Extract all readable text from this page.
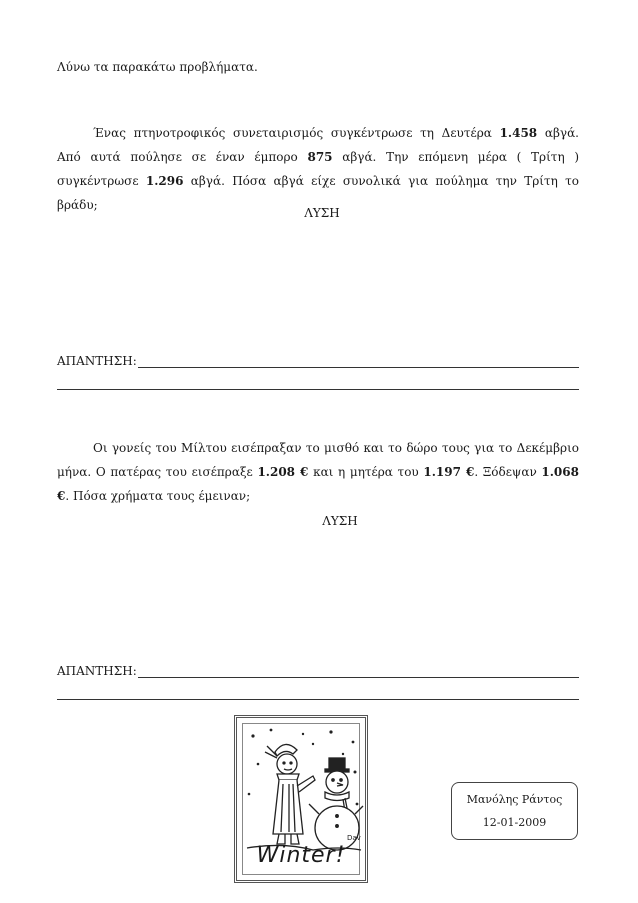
Λύνω τα παρακάτω προβλήματα.
Ένας πτηνοτροφικός συνεταιρισμός συγκέντρωσε τη Δευτέρα 1.458 αβγά. Από αυτά πούλησε σε έναν έμπορο 875 αβγά. Την επόμενη μέρα ( Τρίτη ) συγκέντρωσε 1.296 αβγά. Πόσα αβγά είχε συνολικά για πούλημα την Τρίτη το βράδυ;
ΛΥΣΗ
ΑΠΑΝΤΗΣΗ:
Οι γονείς του Μίλτου εισέπραξαν το μισθό και το δώρο τους για το Δεκέμβριο μήνα. Ο πατέρας του εισέπραξε 1.208 € και η μητέρα του 1.197 €. Ξόδεψαν 1.068 €. Πόσα χρήματα τους έμειναν;
ΛΥΣΗ
ΑΠΑΝΤΗΣΗ:
Dav
Winter!
Μανόλης Ράντος
12-01-2009
